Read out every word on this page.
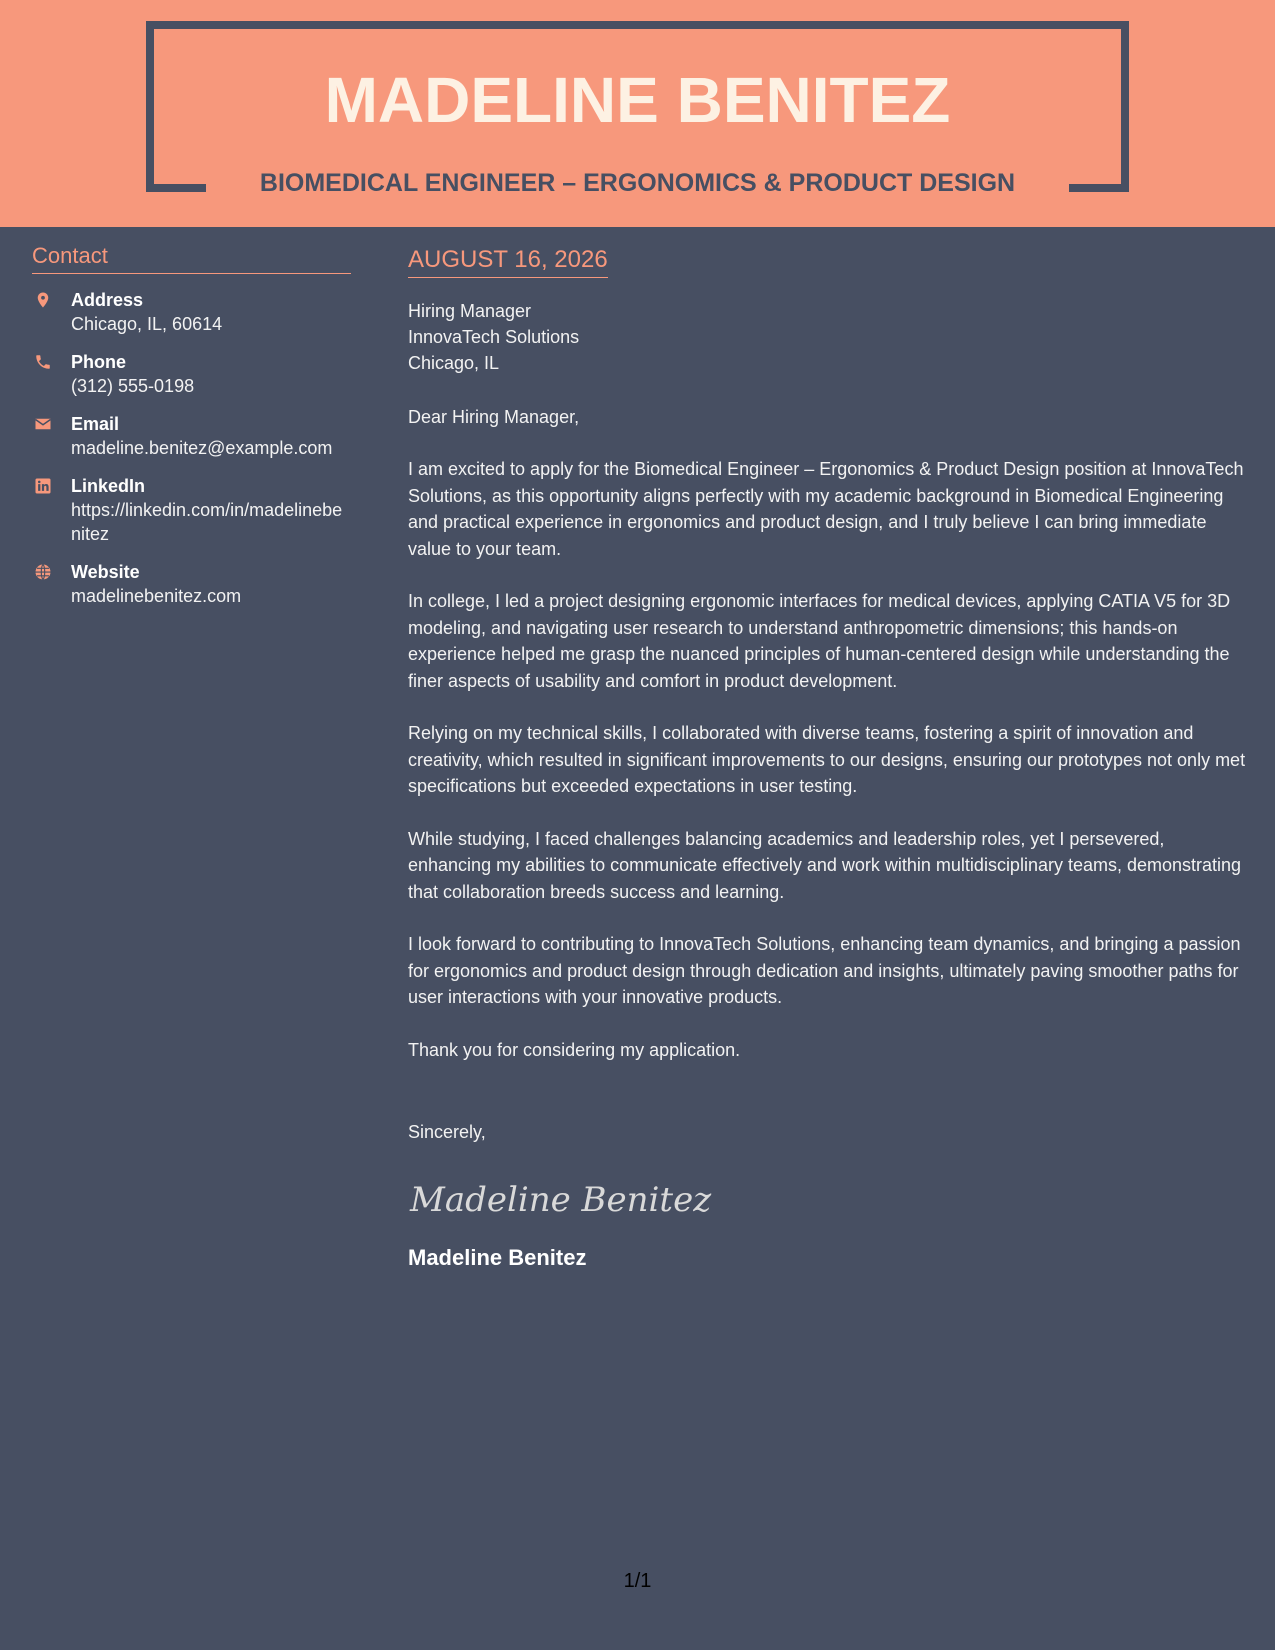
MADELINE BENITEZ
BIOMEDICAL ENGINEER – ERGONOMICS & PRODUCT DESIGN
Contact
Address
Chicago, IL, 60614
Phone
(312) 555-0198
Email
madeline.benitez@example.com
LinkedIn
https://linkedin.com/in/madelinebenitez
Website
madelinebenitez.com
AUGUST 16, 2026
Hiring Manager
InnovaTech Solutions
Chicago, IL
Dear Hiring Manager,
I am excited to apply for the Biomedical Engineer – Ergonomics & Product Design position at InnovaTech Solutions, as this opportunity aligns perfectly with my academic background in Biomedical Engineering and practical experience in ergonomics and product design, and I truly believe I can bring immediate value to your team.
In college, I led a project designing ergonomic interfaces for medical devices, applying CATIA V5 for 3D modeling, and navigating user research to understand anthropometric dimensions; this hands-on experience helped me grasp the nuanced principles of human-centered design while understanding the finer aspects of usability and comfort in product development.
Relying on my technical skills, I collaborated with diverse teams, fostering a spirit of innovation and creativity, which resulted in significant improvements to our designs, ensuring our prototypes not only met specifications but exceeded expectations in user testing.
While studying, I faced challenges balancing academics and leadership roles, yet I persevered, enhancing my abilities to communicate effectively and work within multidisciplinary teams, demonstrating that collaboration breeds success and learning.
I look forward to contributing to InnovaTech Solutions, enhancing team dynamics, and bringing a passion for ergonomics and product design through dedication and insights, ultimately paving smoother paths for user interactions with your innovative products.
Thank you for considering my application.
Sincerely,
Madeline Benitez
Madeline Benitez
1/1
